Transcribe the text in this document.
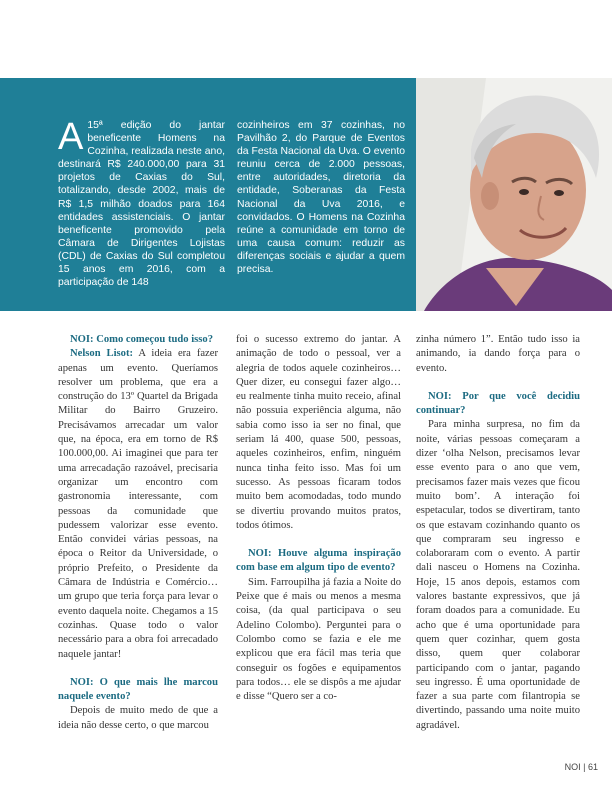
A 15ª edição do jantar beneficente Homens na Cozinha, realizada neste ano, destinará R$ 240.000,00 para 31 projetos de Caxias do Sul, totalizando, desde 2002, mais de R$ 1,5 milhão doados para 164 entidades assistenciais. O jantar beneficente promovido pela Câmara de Dirigentes Lojistas (CDL) de Caxias do Sul completou 15 anos em 2016, com a participação de 148

cozinheiros em 37 cozinhas, no Pavilhão 2, do Parque de Eventos da Festa Nacional da Uva. O evento reuniu cerca de 2.000 pessoas, entre autoridades, diretoria da entidade, Soberanas da Festa Nacional da Uva 2016, e convidados. O Homens na Cozinha reúne a comunidade em torno de uma causa comum: reduzir as diferenças sociais e ajudar a quem precisa.

NOI: Como começou tudo isso?

Nelson Lisot: A ideia era fazer apenas um evento. Queríamos resolver um problema, que era a construção do 13º Quartel da Brigada Militar do Bairro Gruzeiro. Precisávamos arrecadar um valor que, na época, era em torno de R$ 100.000,00. Ai imaginei que para ter uma arrecadação razoável, precisaria organizar um encontro com gastronomia interessante, com pessoas da comunidade que pudessem valorizar esse evento. Então convidei várias pessoas, na época o Reitor da Universidade, o próprio Prefeito, o Presidente da Câmara de Indústria e Comércio… um grupo que teria força para levar o evento daquela noite. Chegamos a 15 cozinhas. Quase todo o valor necessário para a obra foi arrecadado naquele jantar!

NOI: O que mais lhe marcou naquele evento?

Depois de muito medo de que a ideia não desse certo, o que marcou

foi o sucesso extremo do jantar. A animação de todo o pessoal, ver a alegria de todos aquele cozinheiros… Quer dizer, eu consegui fazer algo… eu realmente tinha muito receio, afinal não possuia experiência alguma, não sabia como isso ia ser no final, que seriam lá 400, quase 500, pessoas, aqueles cozinheiros, enfim, ninguém nunca tinha feito isso. Mas foi um sucesso. As pessoas ficaram todos muito bem acomodadas, todo mundo se divertiu provando muitos pratos, todos ótimos.

NOI: Houve alguma inspiração com base em algum tipo de evento?

Sim. Farroupilha já fazia a Noite do Peixe que é mais ou menos a mesma coisa, (da qual participava o seu Adelino Colombo). Perguntei para o Colombo como se fazia e ele me explicou que era fácil mas teria que conseguir os fogões e equipamentos para todos… ele se dispôs a me ajudar e disse “Quero ser a co-

zinha número 1”. Então tudo isso ia animando, ia dando força para o evento.

NOI: Por que você decidiu continuar?

Para minha surpresa, no fim da noite, várias pessoas começaram a dizer ‘olha Nelson, precisamos levar esse evento para o ano que vem, precisamos fazer mais vezes que ficou muito bom’. A interação foi espetacular, todos se divertiram, tanto os que estavam cozinhando quanto os que compraram seu ingresso e colaboraram com o evento. A partir dali nasceu o Homens na Cozinha. Hoje, 15 anos depois, estamos com valores bastante expressivos, que já foram doados para a comunidade. Eu acho que é uma oportunidade para quem quer cozinhar, quem gosta disso, quem quer colaborar participando com o jantar, pagando seu ingresso. É uma oportunidade de fazer a sua parte com filantropia se divertindo, passando uma noite muito agradável.

NOI | 61
